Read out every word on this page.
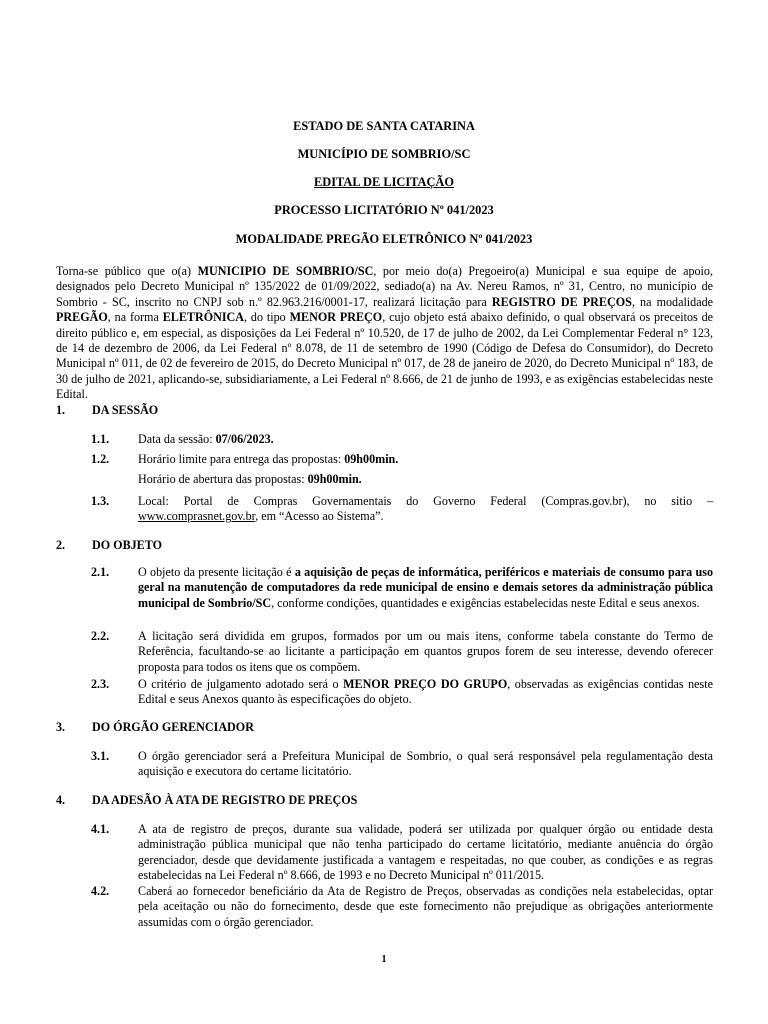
ESTADO DE SANTA CATARINA
MUNICÍPIO DE SOMBRIO/SC
EDITAL DE LICITAÇÃO
PROCESSO LICITATÓRIO Nº 041/2023
MODALIDADE PREGÃO ELETRÔNICO Nº 041/2023
Torna-se público que o(a) MUNICIPIO DE SOMBRIO/SC, por meio do(a) Pregoeiro(a) Municipal e sua equipe de apoio, designados pelo Decreto Municipal nº 135/2022 de 01/09/2022, sediado(a) na Av. Nereu Ramos, nº 31, Centro, no município de Sombrio - SC, inscrito no CNPJ sob n.º 82.963.216/0001-17, realizará licitação para REGISTRO DE PREÇOS, na modalidade PREGÃO, na forma ELETRÔNICA, do tipo MENOR PREÇO, cujo objeto está abaixo definido, o qual observará os preceitos de direito público e, em especial, as disposições da Lei Federal nº 10.520, de 17 de julho de 2002, da Lei Complementar Federal n° 123, de 14 de dezembro de 2006, da Lei Federal nº 8.078, de 11 de setembro de 1990 (Código de Defesa do Consumidor), do Decreto Municipal nº 011, de 02 de fevereiro de 2015, do Decreto Municipal nº 017, de 28 de janeiro de 2020, do Decreto Municipal nº 183, de 30 de julho de 2021, aplicando-se, subsidiariamente, a Lei Federal nº 8.666, de 21 de junho de 1993, e as exigências estabelecidas neste Edital.
1. DA SESSÃO
1.1. Data da sessão: 07/06/2023.
1.2. Horário limite para entrega das propostas: 09h00min.
Horário de abertura das propostas: 09h00min.
1.3. Local: Portal de Compras Governamentais do Governo Federal (Compras.gov.br), no sitio –
www.comprasnet.gov.br, em “Acesso ao Sistema”.
2. DO OBJETO
2.1. O objeto da presente licitação é a aquisição de peças de informática, periféricos e materiais de consumo para uso geral na manutenção de computadores da rede municipal de ensino e demais setores da administração pública municipal de Sombrio/SC, conforme condições, quantidades e exigências estabelecidas neste Edital e seus anexos.
2.2. A licitação será dividida em grupos, formados por um ou mais itens, conforme tabela constante do Termo de Referência, facultando-se ao licitante a participação em quantos grupos forem de seu interesse, devendo oferecer proposta para todos os itens que os compõem.
2.3. O critério de julgamento adotado será o MENOR PREÇO DO GRUPO, observadas as exigências contidas neste Edital e seus Anexos quanto às especificações do objeto.
3. DO ÓRGÃO GERENCIADOR
3.1. O órgão gerenciador será a Prefeitura Municipal de Sombrio, o qual será responsável pela regulamentação desta aquisição e executora do certame licitatório.
4. DA ADESÃO À ATA DE REGISTRO DE PREÇOS
4.1. A ata de registro de preços, durante sua validade, poderá ser utilizada por qualquer órgão ou entidade desta administração pública municipal que não tenha participado do certame licitatório, mediante anuência do órgão gerenciador, desde que devidamente justificada a vantagem e respeitadas, no que couber, as condições e as regras estabelecidas na Lei Federal nº 8.666, de 1993 e no Decreto Municipal nº 011/2015.
4.2. Caberá ao fornecedor beneficiário da Ata de Registro de Preços, observadas as condições nela estabelecidas, optar pela aceitação ou não do fornecimento, desde que este fornecimento não prejudique as obrigações anteriormente assumidas com o órgão gerenciador.
1
